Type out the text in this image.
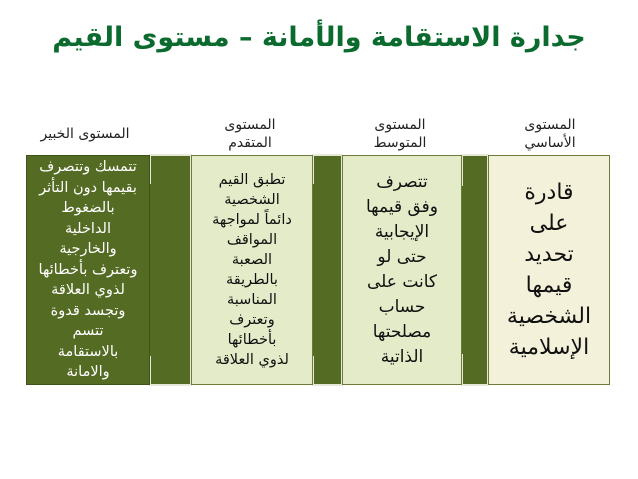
جدارة الاستقامة والأمانة – مستوى القيم
المستوى
الأساسي
المستوى
المتوسط
المستوى
المتقدم
المستوى الخبير
قادرة
على
تحديد
قيمها
الشخصية
الإسلامية
تتصرف
وفق قيمها
الإيجابية
حتى لو
كانت على
حساب
مصلحتها
الذاتية
تطبق القيم
الشخصية
دائماً لمواجهة
المواقف
الصعبة
بالطريقة
المناسبة
وتعترف
بأخطائها
لذوي العلاقة
تتمسك وتتصرف
بقيمها دون التأثر
بالضغوط
الداخلية
والخارجية
وتعترف بأخطائها
لذوي العلاقة
وتجسد قدوة
تتسم
بالاستقامة
والامانة
